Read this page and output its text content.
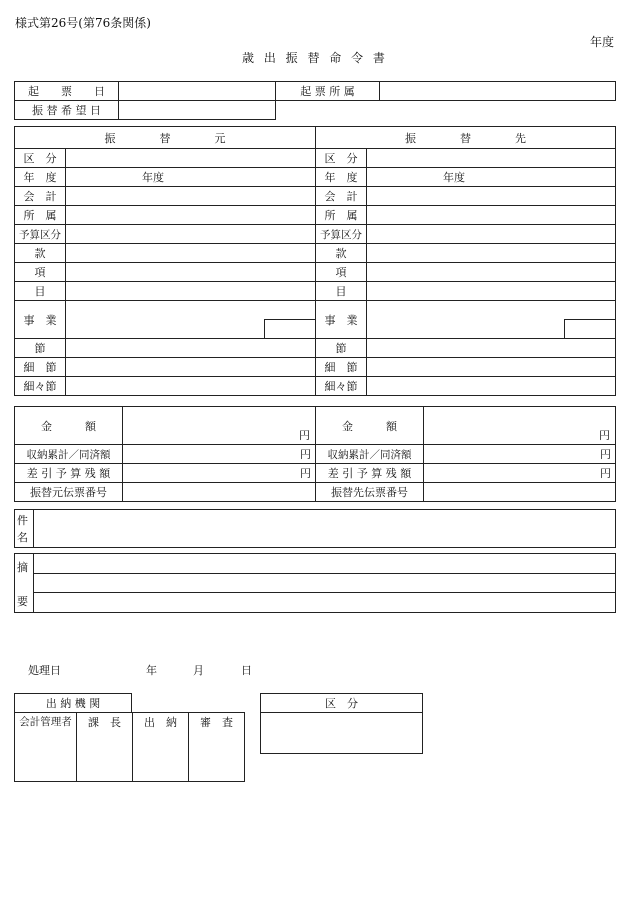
様式第26号(第76条関係)
年度
歳 出 振 替 命 令 書
起　　票　　日		起 票 所 属	
振 替 希 望 日	
振　　　　替　　　　元		振　　　　替　　　　先	
区　分		区　分	
年　度	年度	年　度	年度
会　計		会　計	
所　属		所　属	
予算区分		予算区分	
款		款	
項		項	
目		目	
事　業		事　業	

節		節	
細　節		細　節	
細々節		細々節	
金　　　額	円	金　　　額	円

収納累計／同済額	円	収納累計／同済額	円
差 引 予 算 残 額	円	差 引 予 算 残 額	円
振替元伝票番号		振替先伝票番号	
件
名	
摘
要

処理日	年	月	日
出 納 機 関
会計管理者	課　長	出　納	審　査
区　分
